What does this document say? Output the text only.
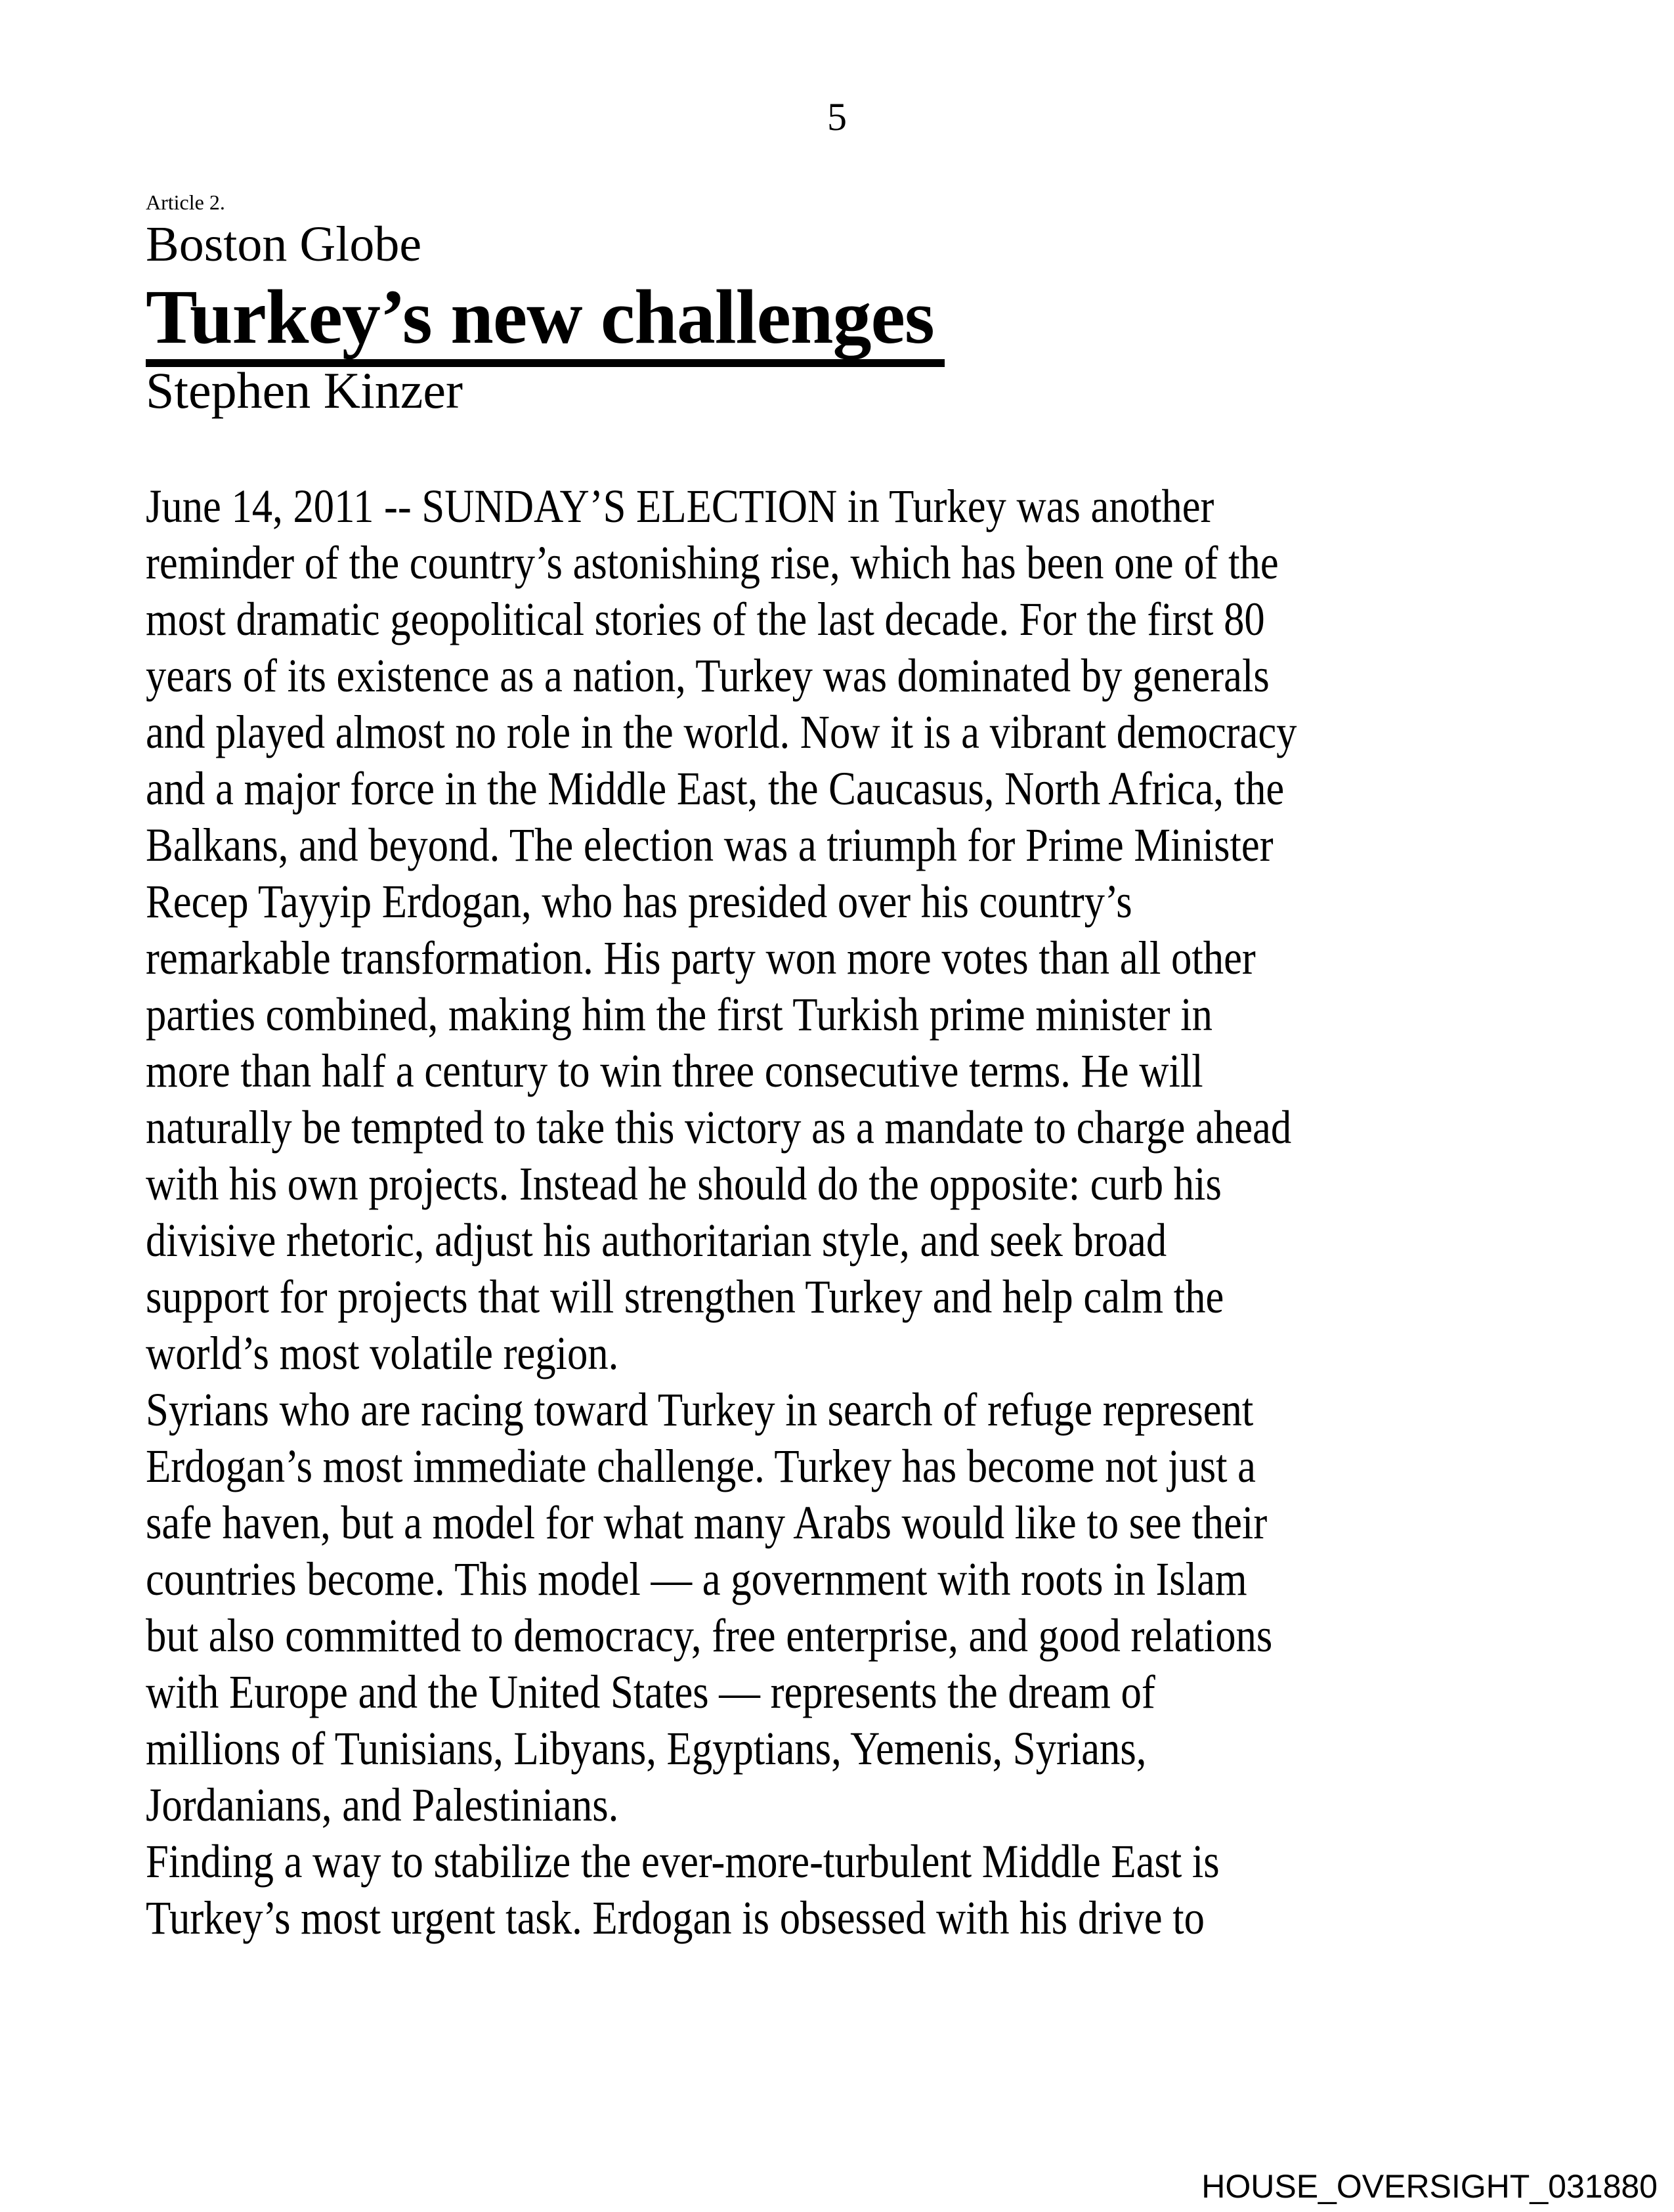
5
Article 2.
Boston Globe
Turkey’s new challenges
Stephen Kinzer
June 14, 2011 -- SUNDAY’S ELECTION in Turkey was another
reminder of the country’s astonishing rise, which has been one of the
most dramatic geopolitical stories of the last decade. For the first 80
years of its existence as a nation, Turkey was dominated by generals
and played almost no role in the world. Now it is a vibrant democracy
and a major force in the Middle East, the Caucasus, North Africa, the
Balkans, and beyond. The election was a triumph for Prime Minister
Recep Tayyip Erdogan, who has presided over his country’s
remarkable transformation. His party won more votes than all other
parties combined, making him the first Turkish prime minister in
more than half a century to win three consecutive terms. He will
naturally be tempted to take this victory as a mandate to charge ahead
with his own projects. Instead he should do the opposite: curb his
divisive rhetoric, adjust his authoritarian style, and seek broad
support for projects that will strengthen Turkey and help calm the
world’s most volatile region.
Syrians who are racing toward Turkey in search of refuge represent
Erdogan’s most immediate challenge. Turkey has become not just a
safe haven, but a model for what many Arabs would like to see their
countries become. This model — a government with roots in Islam
but also committed to democracy, free enterprise, and good relations
with Europe and the United States — represents the dream of
millions of Tunisians, Libyans, Egyptians, Yemenis, Syrians,
Jordanians, and Palestinians.
Finding a way to stabilize the ever-more-turbulent Middle East is
Turkey’s most urgent task. Erdogan is obsessed with his drive to
HOUSE_OVERSIGHT_031880
